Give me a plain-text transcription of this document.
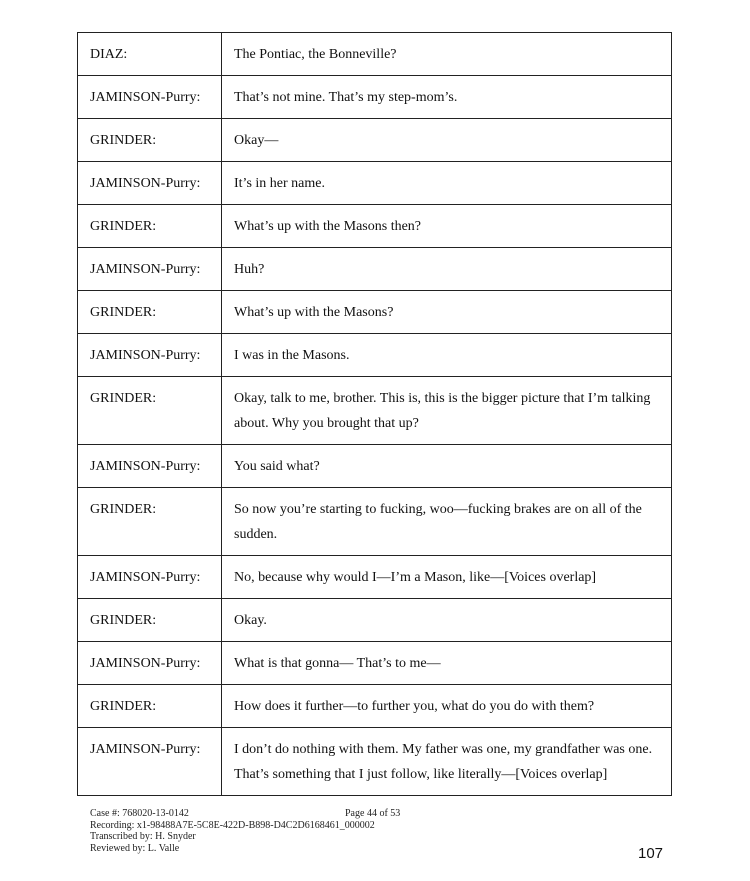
DIAZ:	The Pontiac, the Bonneville?
JAMINSON-Purry:	That’s not mine. That’s my step-mom’s.
GRINDER:	Okay—
JAMINSON-Purry:	It’s in her name.
GRINDER:	What’s up with the Masons then?
JAMINSON-Purry:	Huh?
GRINDER:	What’s up with the Masons?
JAMINSON-Purry:	I was in the Masons.
GRINDER:	Okay, talk to me, brother. This is, this is the bigger picture that I’m talking about. Why you brought that up?
JAMINSON-Purry:	You said what?
GRINDER:	So now you’re starting to fucking, woo—fucking brakes are on all of the sudden.
JAMINSON-Purry:	No, because why would I—I’m a Mason, like—[Voices overlap]
GRINDER:	Okay.
JAMINSON-Purry:	What is that gonna— That’s to me—
GRINDER:	How does it further—to further you, what do you do with them?
JAMINSON-Purry:	I don’t do nothing with them. My father was one, my grandfather was one. That’s something that I just follow, like literally—[Voices overlap]
Case #: 768020-13-0142	Page 44 of 53
Recording: x1-98488A7E-5C8E-422D-B898-D4C2D6168461_000002
Transcribed by: H. Snyder
Reviewed by: L. Valle	107
